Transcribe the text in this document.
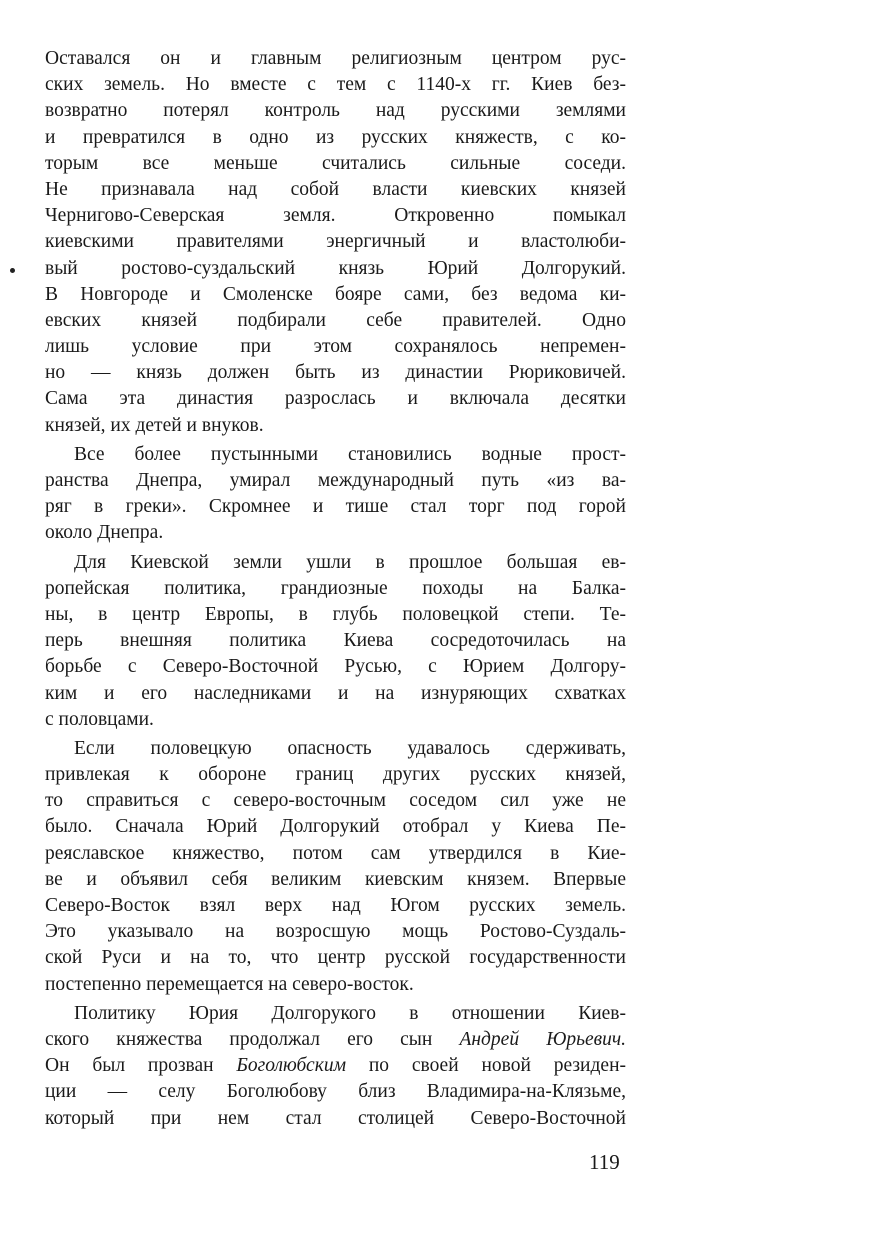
Оставался он и главным религиозным центром рус-
ских земель. Но вместе с тем с 1140-х гг. Киев без-
возвратно потерял контроль над русскими землями
и превратился в одно из русских княжеств, с ко-
торым все меньше считались сильные соседи.
Не признавала над собой власти киевских князей
Чернигово-Северская земля. Откровенно помыкал
киевскими правителями энергичный и властолюби-
вый ростово-суздальский князь Юрий Долгорукий.
В Новгороде и Смоленске бояре сами, без ведома ки-
евских князей подбирали себе правителей. Одно
лишь условие при этом сохранялось непремен-
но — князь должен быть из династии Рюриковичей.
Сама эта династия разрослась и включала десятки
князей, их детей и внуков.
Все более пустынными становились водные прост-
ранства Днепра, умирал международный путь «из ва-
ряг в греки». Скромнее и тише стал торг под горой
около Днепра.
Для Киевской земли ушли в прошлое большая ев-
ропейская политика, грандиозные походы на Балка-
ны, в центр Европы, в глубь половецкой степи. Те-
перь внешняя политика Киева сосредоточилась на
борьбе с Северо-Восточной Русью, с Юрием Долгору-
ким и его наследниками и на изнуряющих схватках
с половцами.
Если половецкую опасность удавалось сдерживать,
привлекая к обороне границ других русских князей,
то справиться с северо-восточным соседом сил уже не
было. Сначала Юрий Долгорукий отобрал у Киева Пе-
реяславское княжество, потом сам утвердился в Кие-
ве и объявил себя великим киевским князем. Впервые
Северо-Восток взял верх над Югом русских земель.
Это указывало на возросшую мощь Ростово-Суздаль-
ской Руси и на то, что центр русской государственности
постепенно перемещается на северо-восток.
Политику Юрия Долгорукого в отношении Киев-
ского княжества продолжал его сын Андрей Юрьевич.
Он был прозван Боголюбским по своей новой резиден-
ции — селу Боголюбову близ Владимира-на-Клязьме,
который при нем стал столицей Северо-Восточной
119
